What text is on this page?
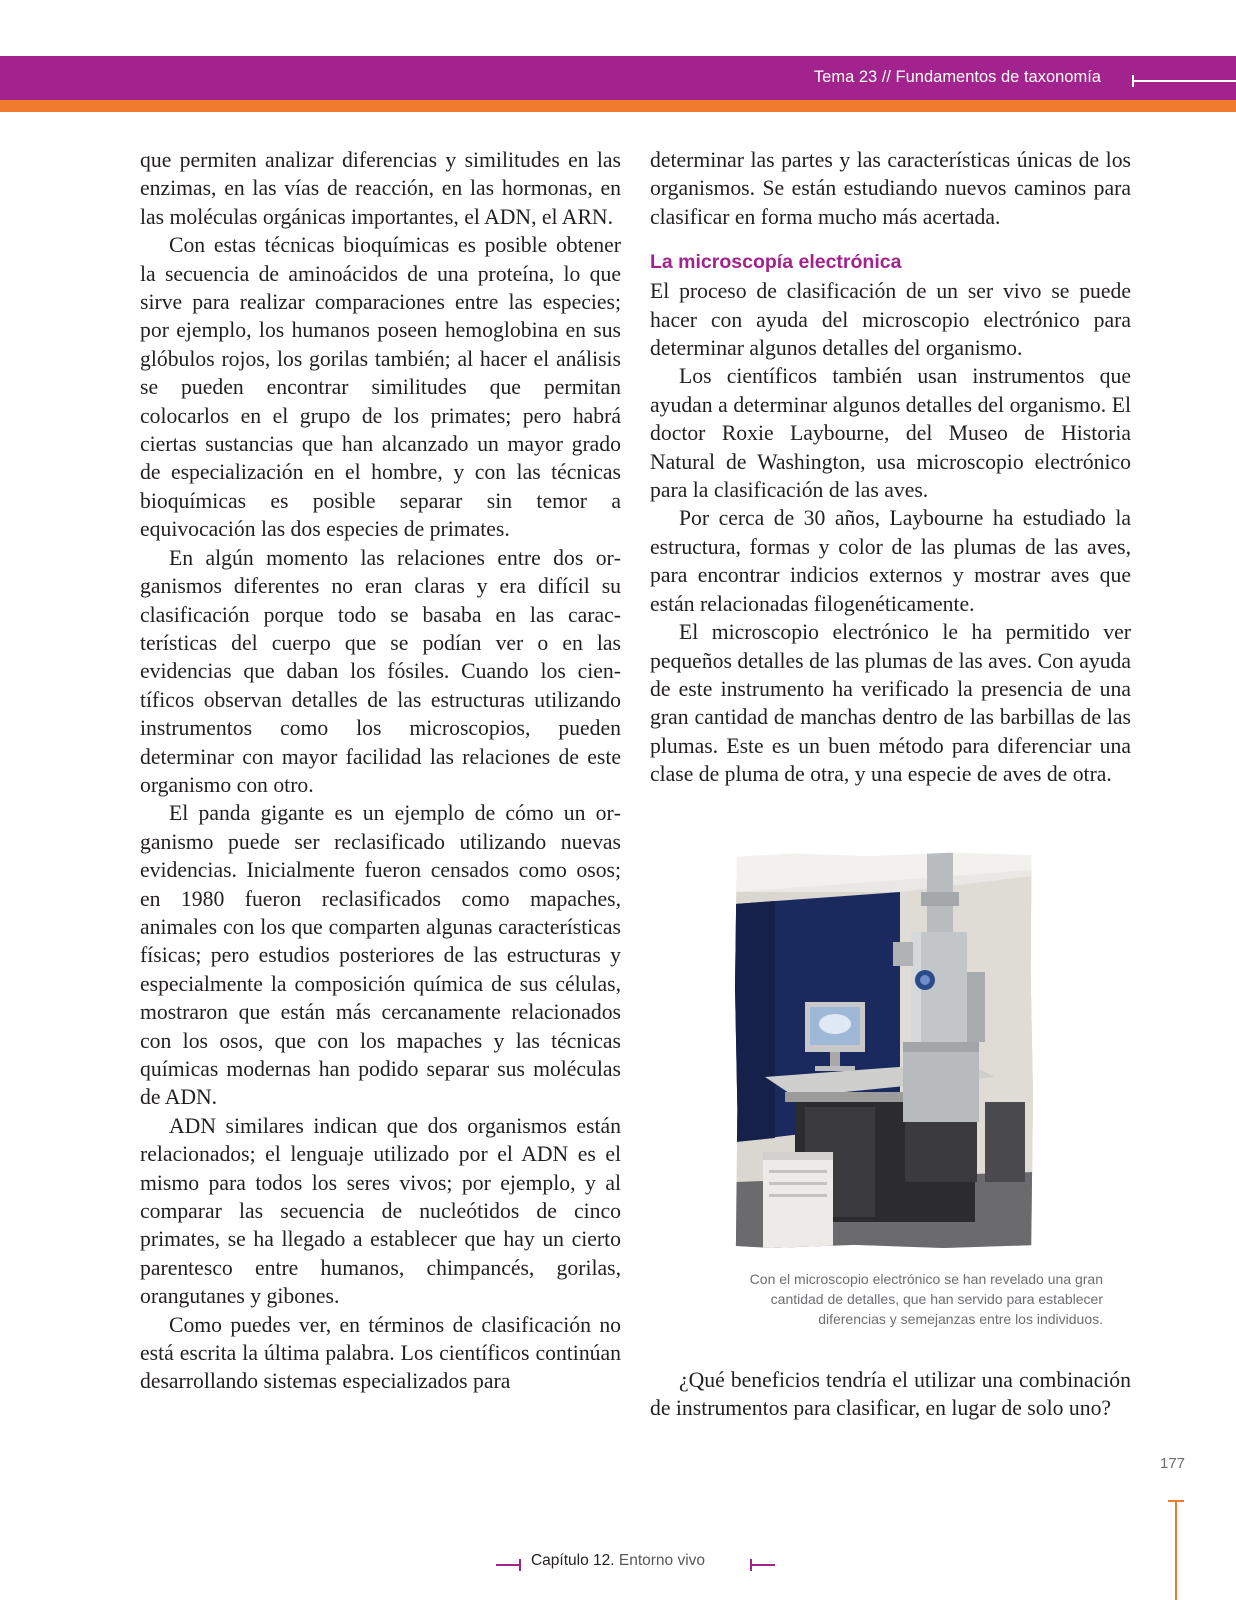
Tema 23 // Fundamentos de taxonomía

que permiten analizar diferencias y similitudes en las enzimas, en las vías de reacción, en las hormonas, en las moléculas orgánicas importantes, el ADN, el ARN.

Con estas técnicas bioquímicas es posible obtener la secuencia de aminoácidos de una proteína, lo que sirve para realizar comparaciones entre las especies; por ejemplo, los humanos poseen hemoglobina en sus glóbulos rojos, los gorilas también; al hacer el análisis se pueden encontrar similitudes que permitan colocarlos en el grupo de los primates; pero habrá ciertas sustancias que han alcanzado un mayor grado de especialización en el hombre, y con las técnicas bioquímicas es posible separar sin temor a equivocación las dos especies de primates.

En algún momento las relaciones entre dos organismos diferentes no eran claras y era difícil su clasificación porque todo se basaba en las características del cuerpo que se podían ver o en las evidencias que daban los fósiles. Cuando los científicos observan detalles de las estructuras utilizando instrumentos como los microscopios, pueden determinar con mayor facilidad las relaciones de este organismo con otro.

El panda gigante es un ejemplo de cómo un organismo puede ser reclasificado utilizando nuevas evidencias. Inicialmente fueron censados como osos; en 1980 fueron reclasificados como mapaches, animales con los que comparten algunas características físicas; pero estudios posteriores de las estructuras y especialmente la composición química de sus células, mostraron que están más cercanamente relacionados con los osos, que con los mapaches y las técnicas químicas modernas han podido separar sus moléculas de ADN.

ADN similares indican que dos organismos están relacionados; el lenguaje utilizado por el ADN es el mismo para todos los seres vivos; por ejemplo, y al comparar las secuencia de nucleótidos de cinco primates, se ha llegado a establecer que hay un cierto parentesco entre humanos, chimpancés, gorilas, orangutanes y gibones.

Como puedes ver, en términos de clasificación no está escrita la última palabra. Los científicos continúan desarrollando sistemas especializados para

determinar las partes y las características únicas de los organismos. Se están estudiando nuevos caminos para clasificar en forma mucho más acertada.

La microscopía electrónica

El proceso de clasificación de un ser vivo se puede hacer con ayuda del microscopio electrónico para determinar algunos detalles del organismo.

Los científicos también usan instrumentos que ayudan a determinar algunos detalles del organismo. El doctor Roxie Laybourne, del Museo de Historia Natural de Washington, usa microscopio electrónico para la clasificación de las aves.

Por cerca de 30 años, Laybourne ha estudiado la estructura, formas y color de las plumas de las aves, para encontrar indicios externos y mostrar aves que están relacionadas filogenéticamente.

El microscopio electrónico le ha permitido ver pequeños detalles de las plumas de las aves. Con ayuda de este instrumento ha verificado la presencia de una gran cantidad de manchas dentro de las barbillas de las plumas. Este es un buen método para diferenciar una clase de pluma de otra, y una especie de aves de otra.

Con el microscopio electrónico se han revelado una gran

cantidad de detalles, que han servido para establecer

diferencias y semejanzas entre los individuos.

¿Qué beneficios tendría el utilizar una combinación de instrumentos para clasificar, en lugar de solo uno?

177
Capítulo 12. Entorno vivo
